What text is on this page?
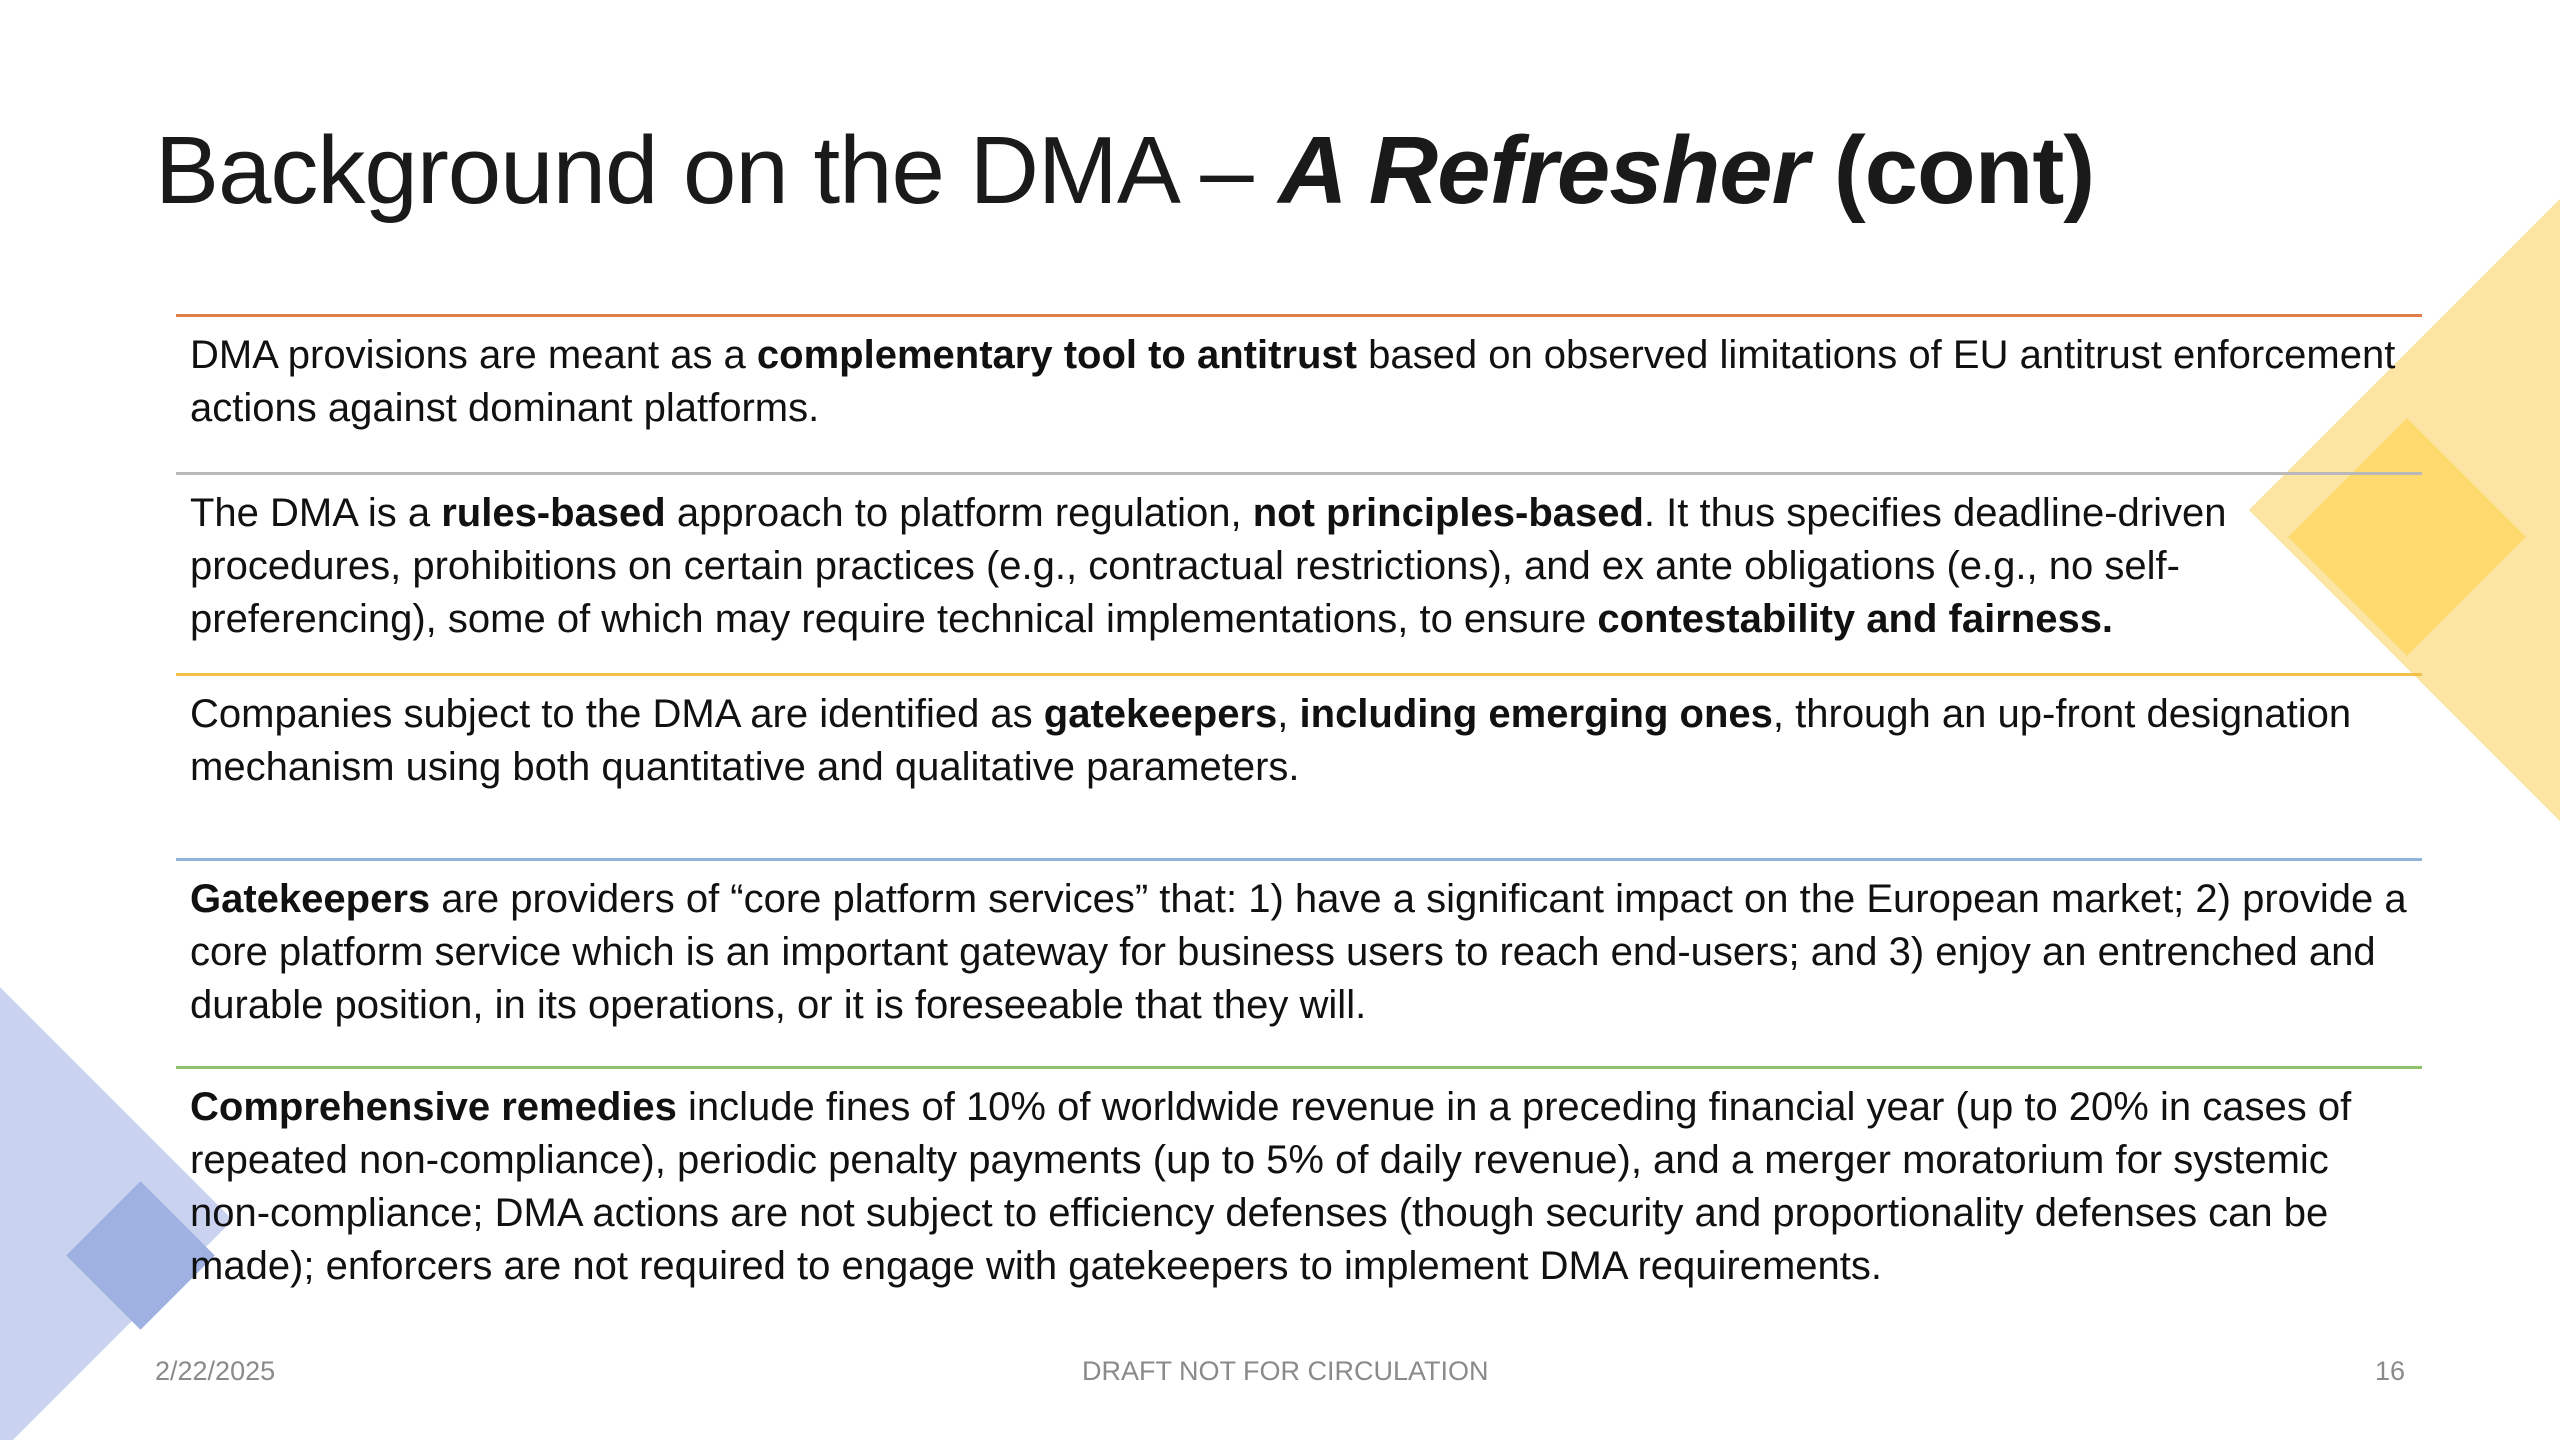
Background on the DMA – A Refresher (cont)
DMA provisions are meant as a complementary tool to antitrust based on observed limitations of EU antitrust enforcement actions against dominant platforms.
The DMA is a rules-based approach to platform regulation, not principles-based. It thus specifies deadline-driven procedures, prohibitions on certain practices (e.g., contractual restrictions), and ex ante obligations (e.g., no self-preferencing), some of which may require technical implementations, to ensure contestability and fairness.
Companies subject to the DMA are identified as gatekeepers, including emerging ones, through an up-front designation mechanism using both quantitative and qualitative parameters.
Gatekeepers are providers of “core platform services” that: 1) have a significant impact on the European market; 2) provide a core platform service which is an important gateway for business users to reach end-users; and 3) enjoy an entrenched and durable position, in its operations, or it is foreseeable that they will.
Comprehensive remedies include fines of 10% of worldwide revenue in a preceding financial year (up to 20% in cases of repeated non-compliance), periodic penalty payments (up to 5% of daily revenue), and a merger moratorium for systemic non-compliance; DMA actions are not subject to efficiency defenses (though security and proportionality defenses can be made); enforcers are not required to engage with gatekeepers to implement DMA requirements.
2/22/2025	DRAFT NOT FOR CIRCULATION	16
